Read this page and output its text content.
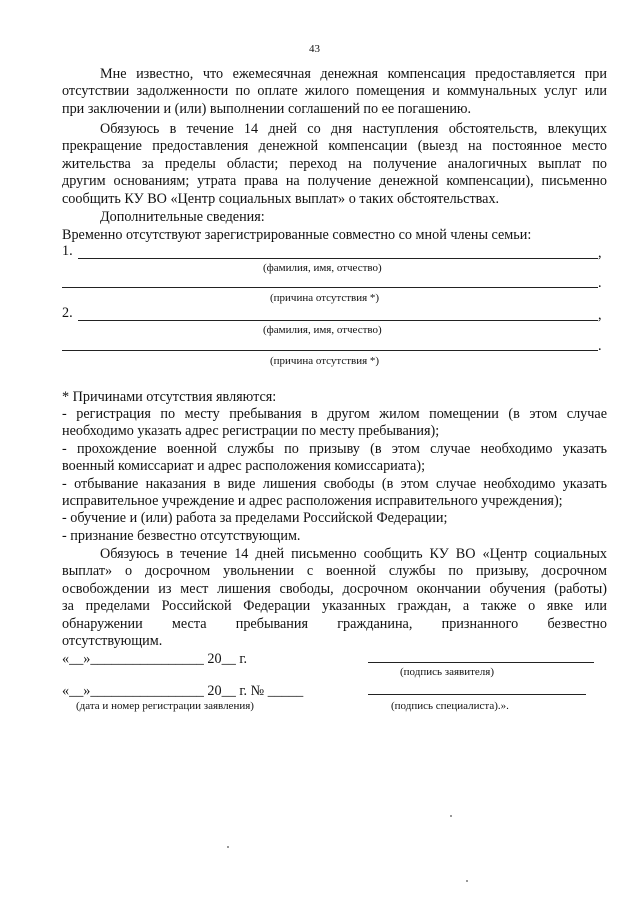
43
Мне известно, что ежемесячная денежная компенсация предоставляется при
отсутствии задолженности по оплате жилого помещения и коммунальных услуг или
при заключении и (или) выполнении соглашений по ее погашению.
Обязуюсь в течение 14 дней со дня наступления обстоятельств, влекущих
прекращение предоставления денежной компенсации (выезд на постоянное место
жительства за пределы области; переход на получение аналогичных выплат по
другим основаниям; утрата права на получение денежной компенсации), письменно
сообщить КУ ВО «Центр социальных выплат» о таких обстоятельствах.
Дополнительные сведения:
Временно отсутствуют зарегистрированные совместно со мной члены семьи:
1.	,
(фамилия, имя, отчество)
.
(причина отсутствия *)
2.	,
(фамилия, имя, отчество)
.
(причина отсутствия *)
* Причинами отсутствия являются:
- регистрация по месту пребывания в другом жилом помещении (в этом случае
необходимо указать адрес регистрации по месту пребывания);
- прохождение военной службы по призыву (в этом случае необходимо указать
военный комиссариат и адрес расположения комиссариата);
- отбывание наказания в виде лишения свободы (в этом случае необходимо указать
исправительное учреждение и адрес расположения исправительного учреждения);
- обучение и (или) работа за пределами Российской Федерации;
- признание безвестно отсутствующим.
Обязуюсь в течение 14 дней письменно сообщить КУ ВО «Центр социальных
выплат» о досрочном увольнении с военной службы по призыву, досрочном
освобождении из мест лишения свободы, досрочном окончании обучения (работы)
за пределами Российской Федерации указанных граждан, а также о явке или
обнаружении места пребывания гражданина, признанного безвестно
отсутствующим.
«__»________________ 20__ г.
(подпись заявителя)
«__»________________ 20__ г. № _____
(дата и номер регистрации заявления)	(подпись специалиста).».
